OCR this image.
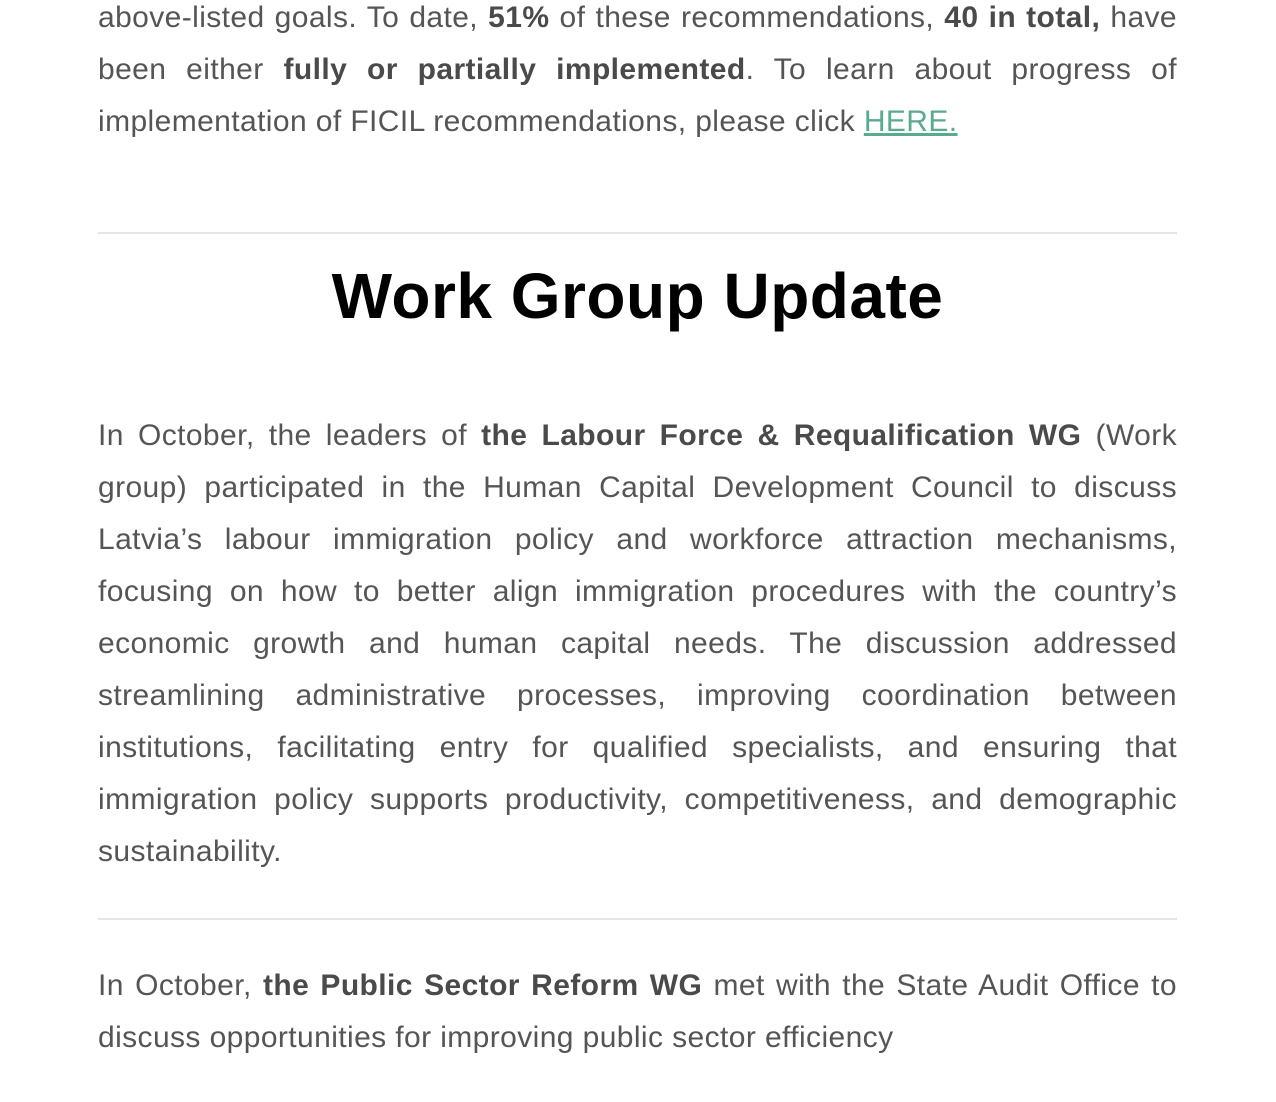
above-listed goals. To date, 51% of these recommendations, 40 in total, have been either fully or partially implemented. To learn about progress of implementation of FICIL recommendations, please click HERE.

Work Group Update

In October, the leaders of the Labour Force & Requalification WG (Work group) participated in the Human Capital Development Council to discuss Latvia’s labour immigration policy and workforce attraction mechanisms, focusing on how to better align immigration procedures with the country’s economic growth and human capital needs. The discussion addressed streamlining administrative processes, improving coordination between institutions, facilitating entry for qualified specialists, and ensuring that immigration policy supports productivity, competitiveness, and demographic sustainability.

In October, the Public Sector Reform WG met with the State Audit Office to discuss opportunities for improving public sector efficiency
